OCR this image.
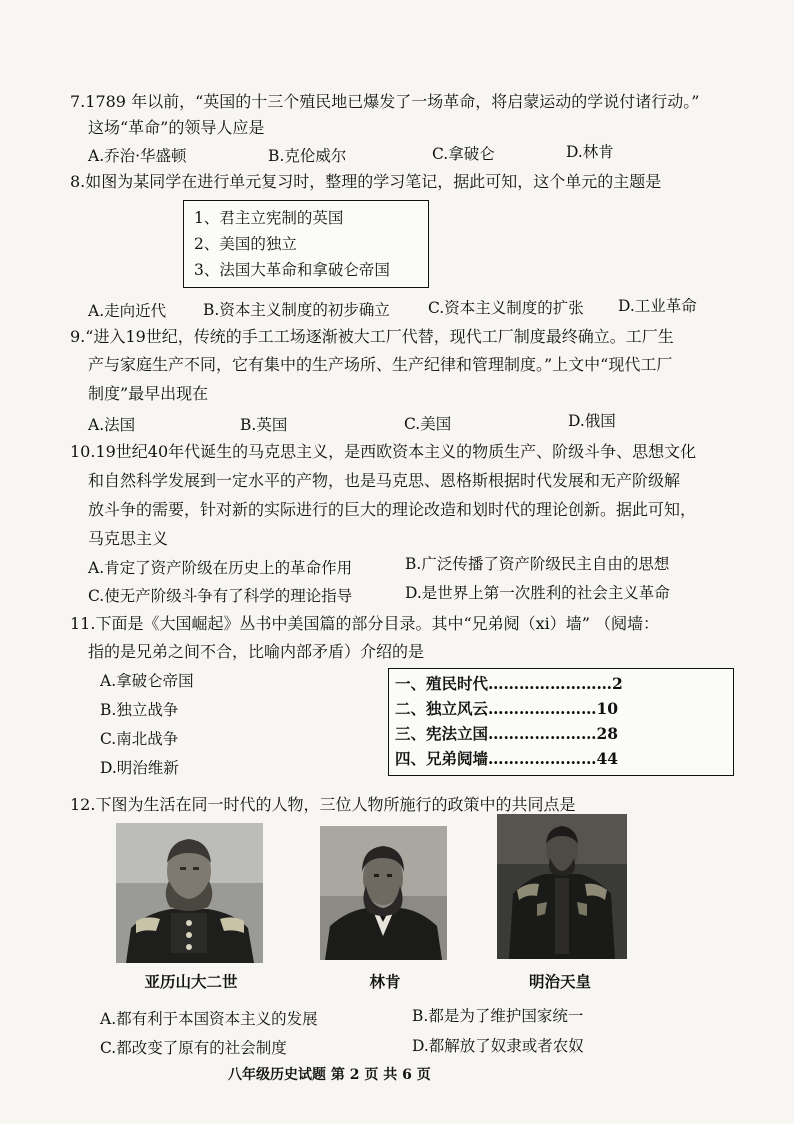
7.1789 年以前，“英国的十三个殖民地已爆发了一场革命，将启蒙运动的学说付诸行动。”
这场“革命”的领导人应是
A.乔治·华盛顿	B.克伦威尔	C.拿破仑	D.林肯
8.如图为某同学在进行单元复习时，整理的学习笔记，据此可知，这个单元的主题是
1、君主立宪制的英国
2、美国的独立
3、法国大革命和拿破仑帝国
A.走向近代 B.资本主义制度的初步确立 C.资本主义制度的扩张 D.工业革命
9.“进入19世纪，传统的手工工场逐渐被大工厂代替，现代工厂制度最终确立。工厂生
产与家庭生产不同，它有集中的生产场所、生产纪律和管理制度。”上文中“现代工厂
制度”最早出现在
A.法国	B.英国	C.美国	D.俄国
10.19世纪40年代诞生的马克思主义，是西欧资本主义的物质生产、阶级斗争、思想文化
和自然科学发展到一定水平的产物，也是马克思、恩格斯根据时代发展和无产阶级解
放斗争的需要，针对新的实际进行的巨大的理论改造和划时代的理论创新。据此可知，
马克思主义
A.肯定了资产阶级在历史上的革命作用	B.广泛传播了资产阶级民主自由的思想
C.使无产阶级斗争有了科学的理论指导	D.是世界上第一次胜利的社会主义革命
11.下面是《大国崛起》丛书中美国篇的部分目录。其中“兄弟阋（xi）墙” （阋墙：
指的是兄弟之间不合，比喻内部矛盾）介绍的是
A.拿破仑帝国
B.独立战争
C.南北战争
D.明治维新
一、殖民时代……………………2
二、独立风云…………………10
三、宪法立国…………………28
四、兄弟阋墙…………………44
12.下图为生活在同一时代的人物，三位人物所施行的政策中的共同点是
亚历山大二世	林肯	明治天皇
A.都有利于本国资本主义的发展	B.都是为了维护国家统一
C.都改变了原有的社会制度	D.都解放了奴隶或者农奴
八年级历史试题 第 2 页 共 6 页
